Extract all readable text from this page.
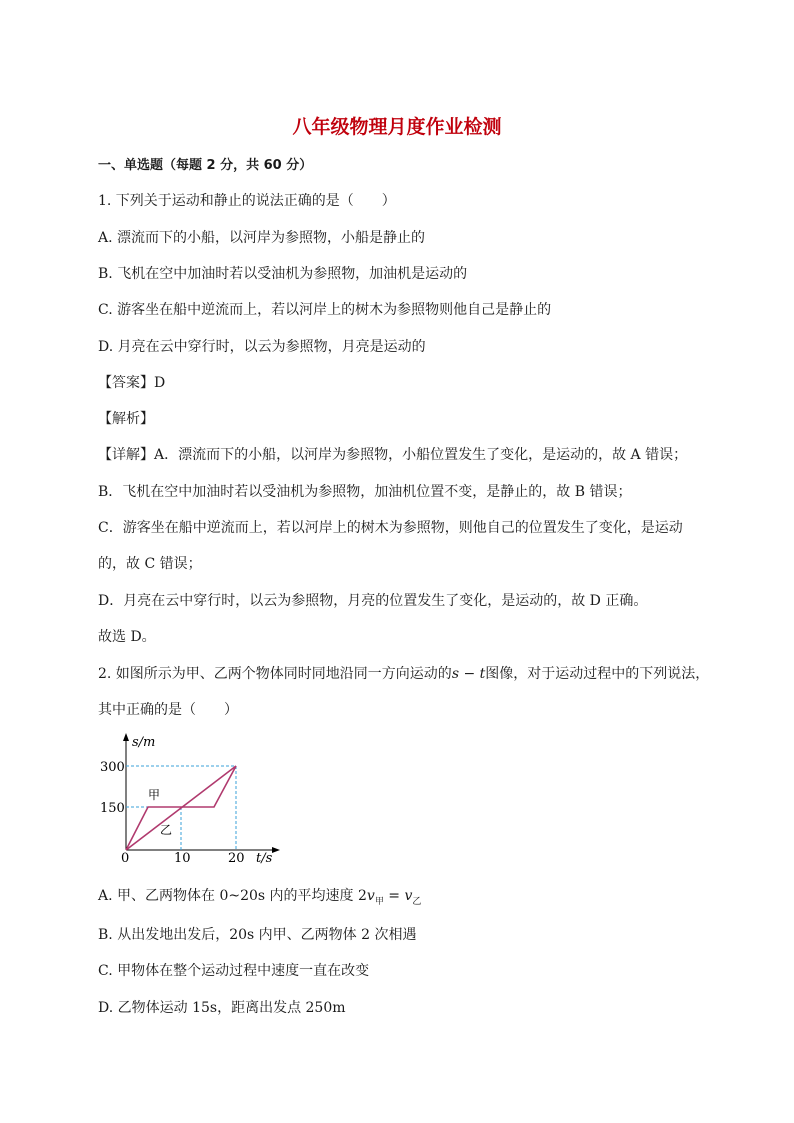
八年级物理月度作业检测
一、单选题（每题 2 分，共 60 分）
1. 下列关于运动和静止的说法正确的是（　　）
A. 漂流而下的小船，以河岸为参照物，小船是静止的
B. 飞机在空中加油时若以受油机为参照物，加油机是运动的
C. 游客坐在船中逆流而上，若以河岸上的树木为参照物则他自己是静止的
D. 月亮在云中穿行时，以云为参照物，月亮是运动的
【答案】D
【解析】
【详解】A．漂流而下的小船，以河岸为参照物，小船位置发生了变化，是运动的，故 A 错误；
B．飞机在空中加油时若以受油机为参照物，加油机位置不变，是静止的，故 B 错误；
C．游客坐在船中逆流而上，若以河岸上的树木为参照物，则他自己的位置发生了变化，是运动
的，故 C 错误；
D．月亮在云中穿行时，以云为参照物，月亮的位置发生了变化，是运动的，故 D 正确。
故选 D。
2. 如图所示为甲、乙两个物体同时同地沿同一方向运动的s − t图像，对于运动过程中的下列说法，
其中正确的是（　　）
s/m
t/s
300
150
0	10	20
甲
乙
A. 甲、乙两物体在 0~20s 内的平均速度 $2v_甲 = v_乙$
B. 从出发地出发后，20s 内甲、乙两物体 2 次相遇
C. 甲物体在整个运动过程中速度一直在改变
D. 乙物体运动 15s，距离出发点 250m
